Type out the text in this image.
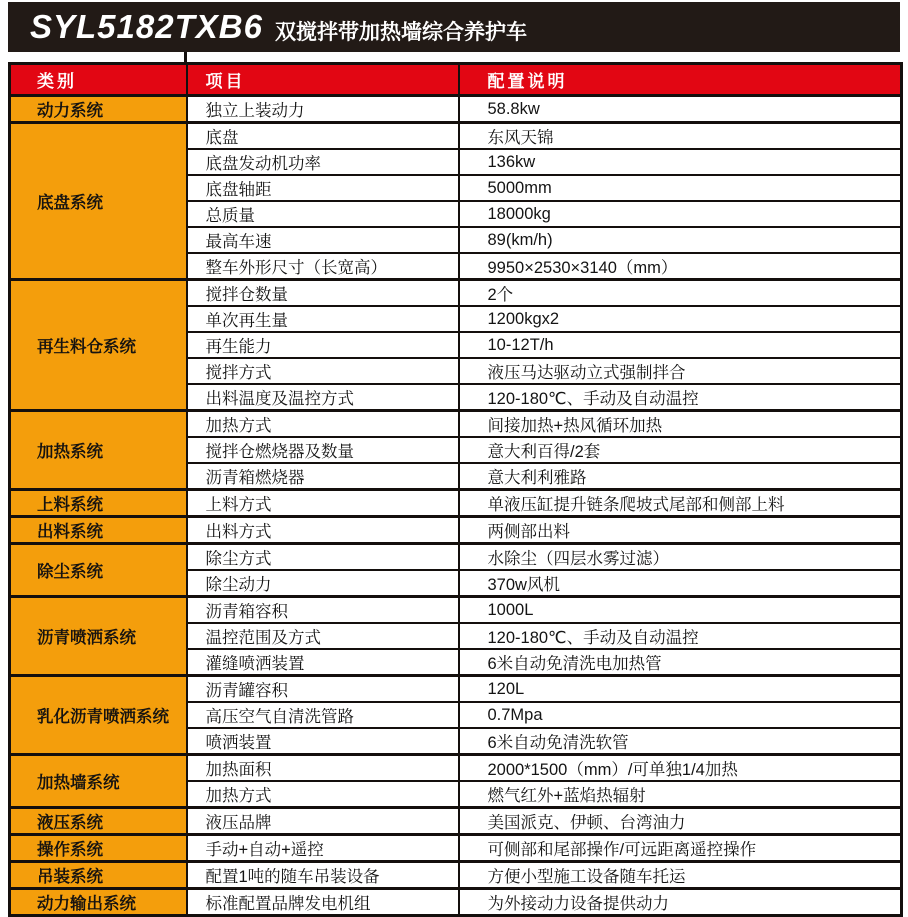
SYL5182TXB6 双搅拌带加热墙综合养护车
类别	项目	配置说明
动力系统	独立上装动力	58.8kw
底盘系统	底盘	东风天锦
	底盘发动机功率	136kw
	底盘轴距	5000mm
	总质量	18000kg
	最高车速	89(km/h)
	整车外形尺寸（长宽高）	9950×2530×3140（mm）
再生料仓系统	搅拌仓数量	2个
	单次再生量	1200kgx2
	再生能力	10-12T/h
	搅拌方式	液压马达驱动立式强制拌合
	出料温度及温控方式	120-180℃、手动及自动温控
加热系统	加热方式	间接加热+热风循环加热
	搅拌仓燃烧器及数量	意大利百得/2套
	沥青箱燃烧器	意大利利雅路
上料系统	上料方式	单液压缸提升链条爬坡式尾部和侧部上料
出料系统	出料方式	两侧部出料
除尘系统	除尘方式	水除尘（四层水雾过滤）
	除尘动力	370w风机
沥青喷洒系统	沥青箱容积	1000L
	温控范围及方式	120-180℃、手动及自动温控
	灌缝喷洒装置	6米自动免清洗电加热管
乳化沥青喷洒系统	沥青罐容积	120L
	高压空气自清洗管路	0.7Mpa
	喷洒装置	6米自动免清洗软管
加热墙系统	加热面积	2000*1500（mm）/可单独1/4加热
	加热方式	燃气红外+蓝焰热辐射
液压系统	液压品牌	美国派克、伊顿、台湾油力
操作系统	手动+自动+遥控	可侧部和尾部操作/可远距离遥控操作
吊装系统	配置1吨的随车吊装设备	方便小型施工设备随车托运
动力输出系统	标准配置品牌发电机组	为外接动力设备提供动力
